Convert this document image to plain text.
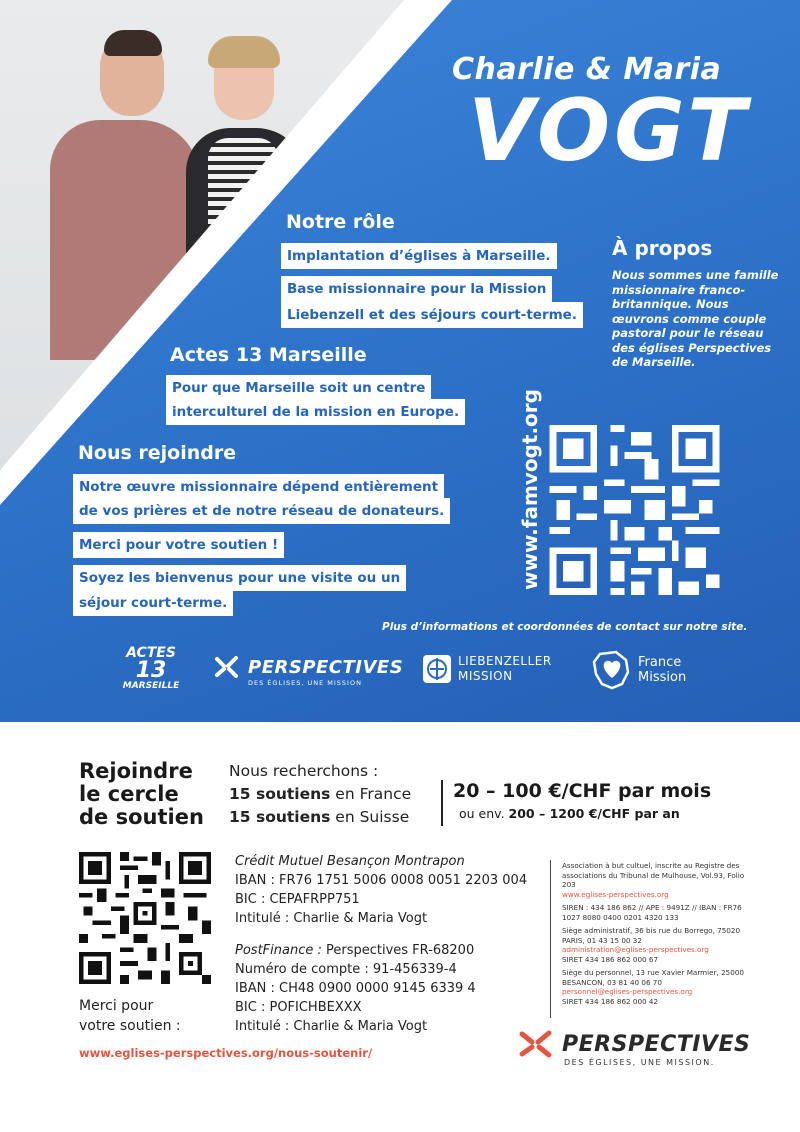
Charlie & Maria
VOGT
Notre rôle
Implantation d’églises à Marseille.
Base missionnaire pour la Mission
Liebenzell et des séjours court-terme.
Actes 13 Marseille
Pour que Marseille soit un centre
interculturel de la mission en Europe.
Nous rejoindre
Notre œuvre missionnaire dépend entièrement
de vos prières et de notre réseau de donateurs.
Merci pour votre soutien !
Soyez les bienvenus pour une visite ou un
séjour court-terme.
À propos
Nous sommes une famille missionnaire franco-britannique. Nous œuvrons comme couple pastoral pour le réseau des églises Perspectives de Marseille.
www.famvogt.org
Plus d’informations et coordonnées de contact sur notre site.
ACTES
13
MARSEILLE
PERSPECTIVES
DES ÉGLISES, UNE MISSION
LIEBENZELLER
MISSION
France
Mission
Rejoindre
le cercle
de soutien
Nous recherchons :
15 soutiens en France
15 soutiens en Suisse
20 – 100 €/CHF par mois
ou env. 200 – 1200 €/CHF par an
Merci pour
votre soutien :
Crédit Mutuel Besançon Montrapon
IBAN : FR76 1751 5006 0008 0051 2203 004
BIC : CEPAFRPP751
Intitulé : Charlie & Maria Vogt
PostFinance : Perspectives FR-68200
Numéro de compte : 91-456339-4
IBAN : CH48 0900 0000 9145 6339 4
BIC : POFICHBEXXX
Intitulé : Charlie & Maria Vogt
www.eglises-perspectives.org/nous-soutenir/

Association à but cultuel, inscrite au Registre des associations du Tribunal de Mulhouse, Vol.93, Folio 203
www.eglises-perspectives.org

SIREN : 434 186 862 // APE : 9491Z // IBAN : FR76 1027 8080 0400 0201 4320 133

Siège administratif, 36 bis rue du Borrego, 75020 PARIS, 01 43 15 00 32
administration@eglises-perspectives.org
SIRET 434 186 862 000 67

Siège du personnel, 13 rue Xavier Marmier, 25000 BESANCON, 03 81 40 06 70
personnel@eglises-perspectives.org
SIRET 434 186 862 000 42

PERSPECTIVES
DES ÉGLISES, UNE MISSION.
